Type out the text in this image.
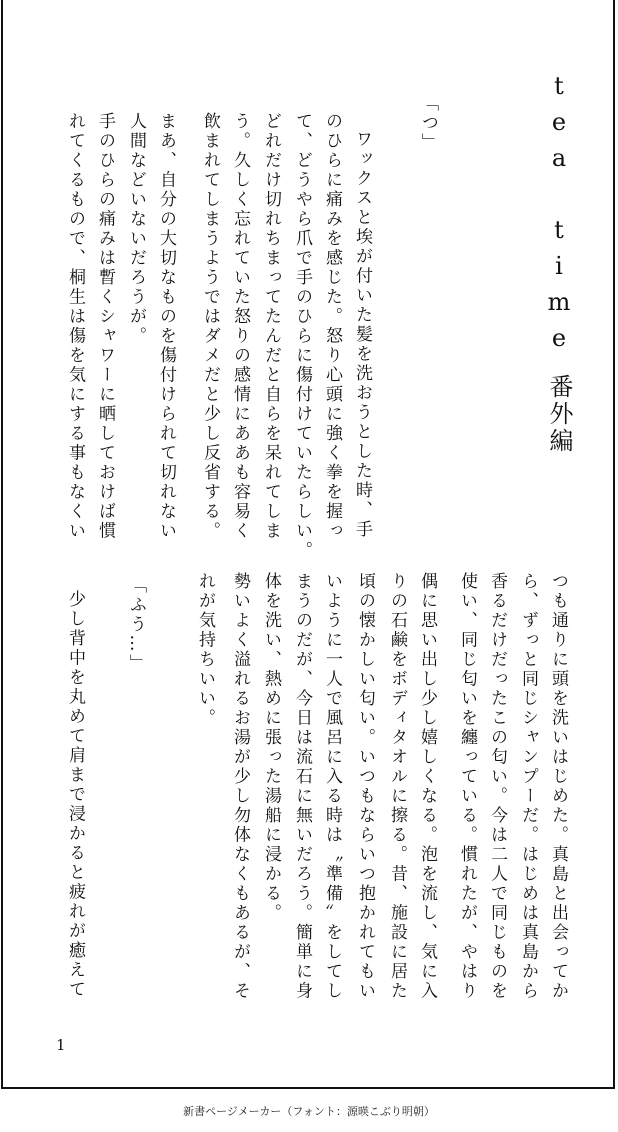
tea time番外編
「つ」
ワックスと埃が付いた髪を洗おうとした時、手
のひらに痛みを感じた。怒り心頭に強く拳を握っ
て、どうやら爪で手のひらに傷付けていたらしい。
どれだけ切れちまってたんだと自らを呆れてしま
う。久しく忘れていた怒りの感情にああも容易く
飲まれてしまうようではダメだと少し反省する。
まあ、自分の大切なものを傷付けられて切れない
人間などいないだろうが。
手のひらの痛みは暫くシャワーに晒しておけば慣
れてくるもので、桐生は傷を気にする事もなくい
つも通りに頭を洗いはじめた。真島と出会ってか
ら、ずっと同じシャンプーだ。はじめは真島から
香るだけだったこの匂い。今は二人で同じものを
使い、同じ匂いを纏っている。慣れたが、やはり
偶に思い出し少し嬉しくなる。泡を流し、気に入
りの石鹸をボディタオルに擦る。昔、施設に居た
頃の懐かしい匂い。いつもならいつ抱かれてもい
いように一人で風呂に入る時は〝準備〟をしてし
まうのだが、今日は流石に無いだろう。簡単に身
体を洗い、熱めに張った湯船に浸かる。
勢いよく溢れるお湯が少し勿体なくもあるが、そ
れが気持ちいい。
「ふう…」
少し背中を丸めて肩まで浸かると疲れが癒えて
1
新書ページメーカー（フォント：源暎こぶり明朝）
